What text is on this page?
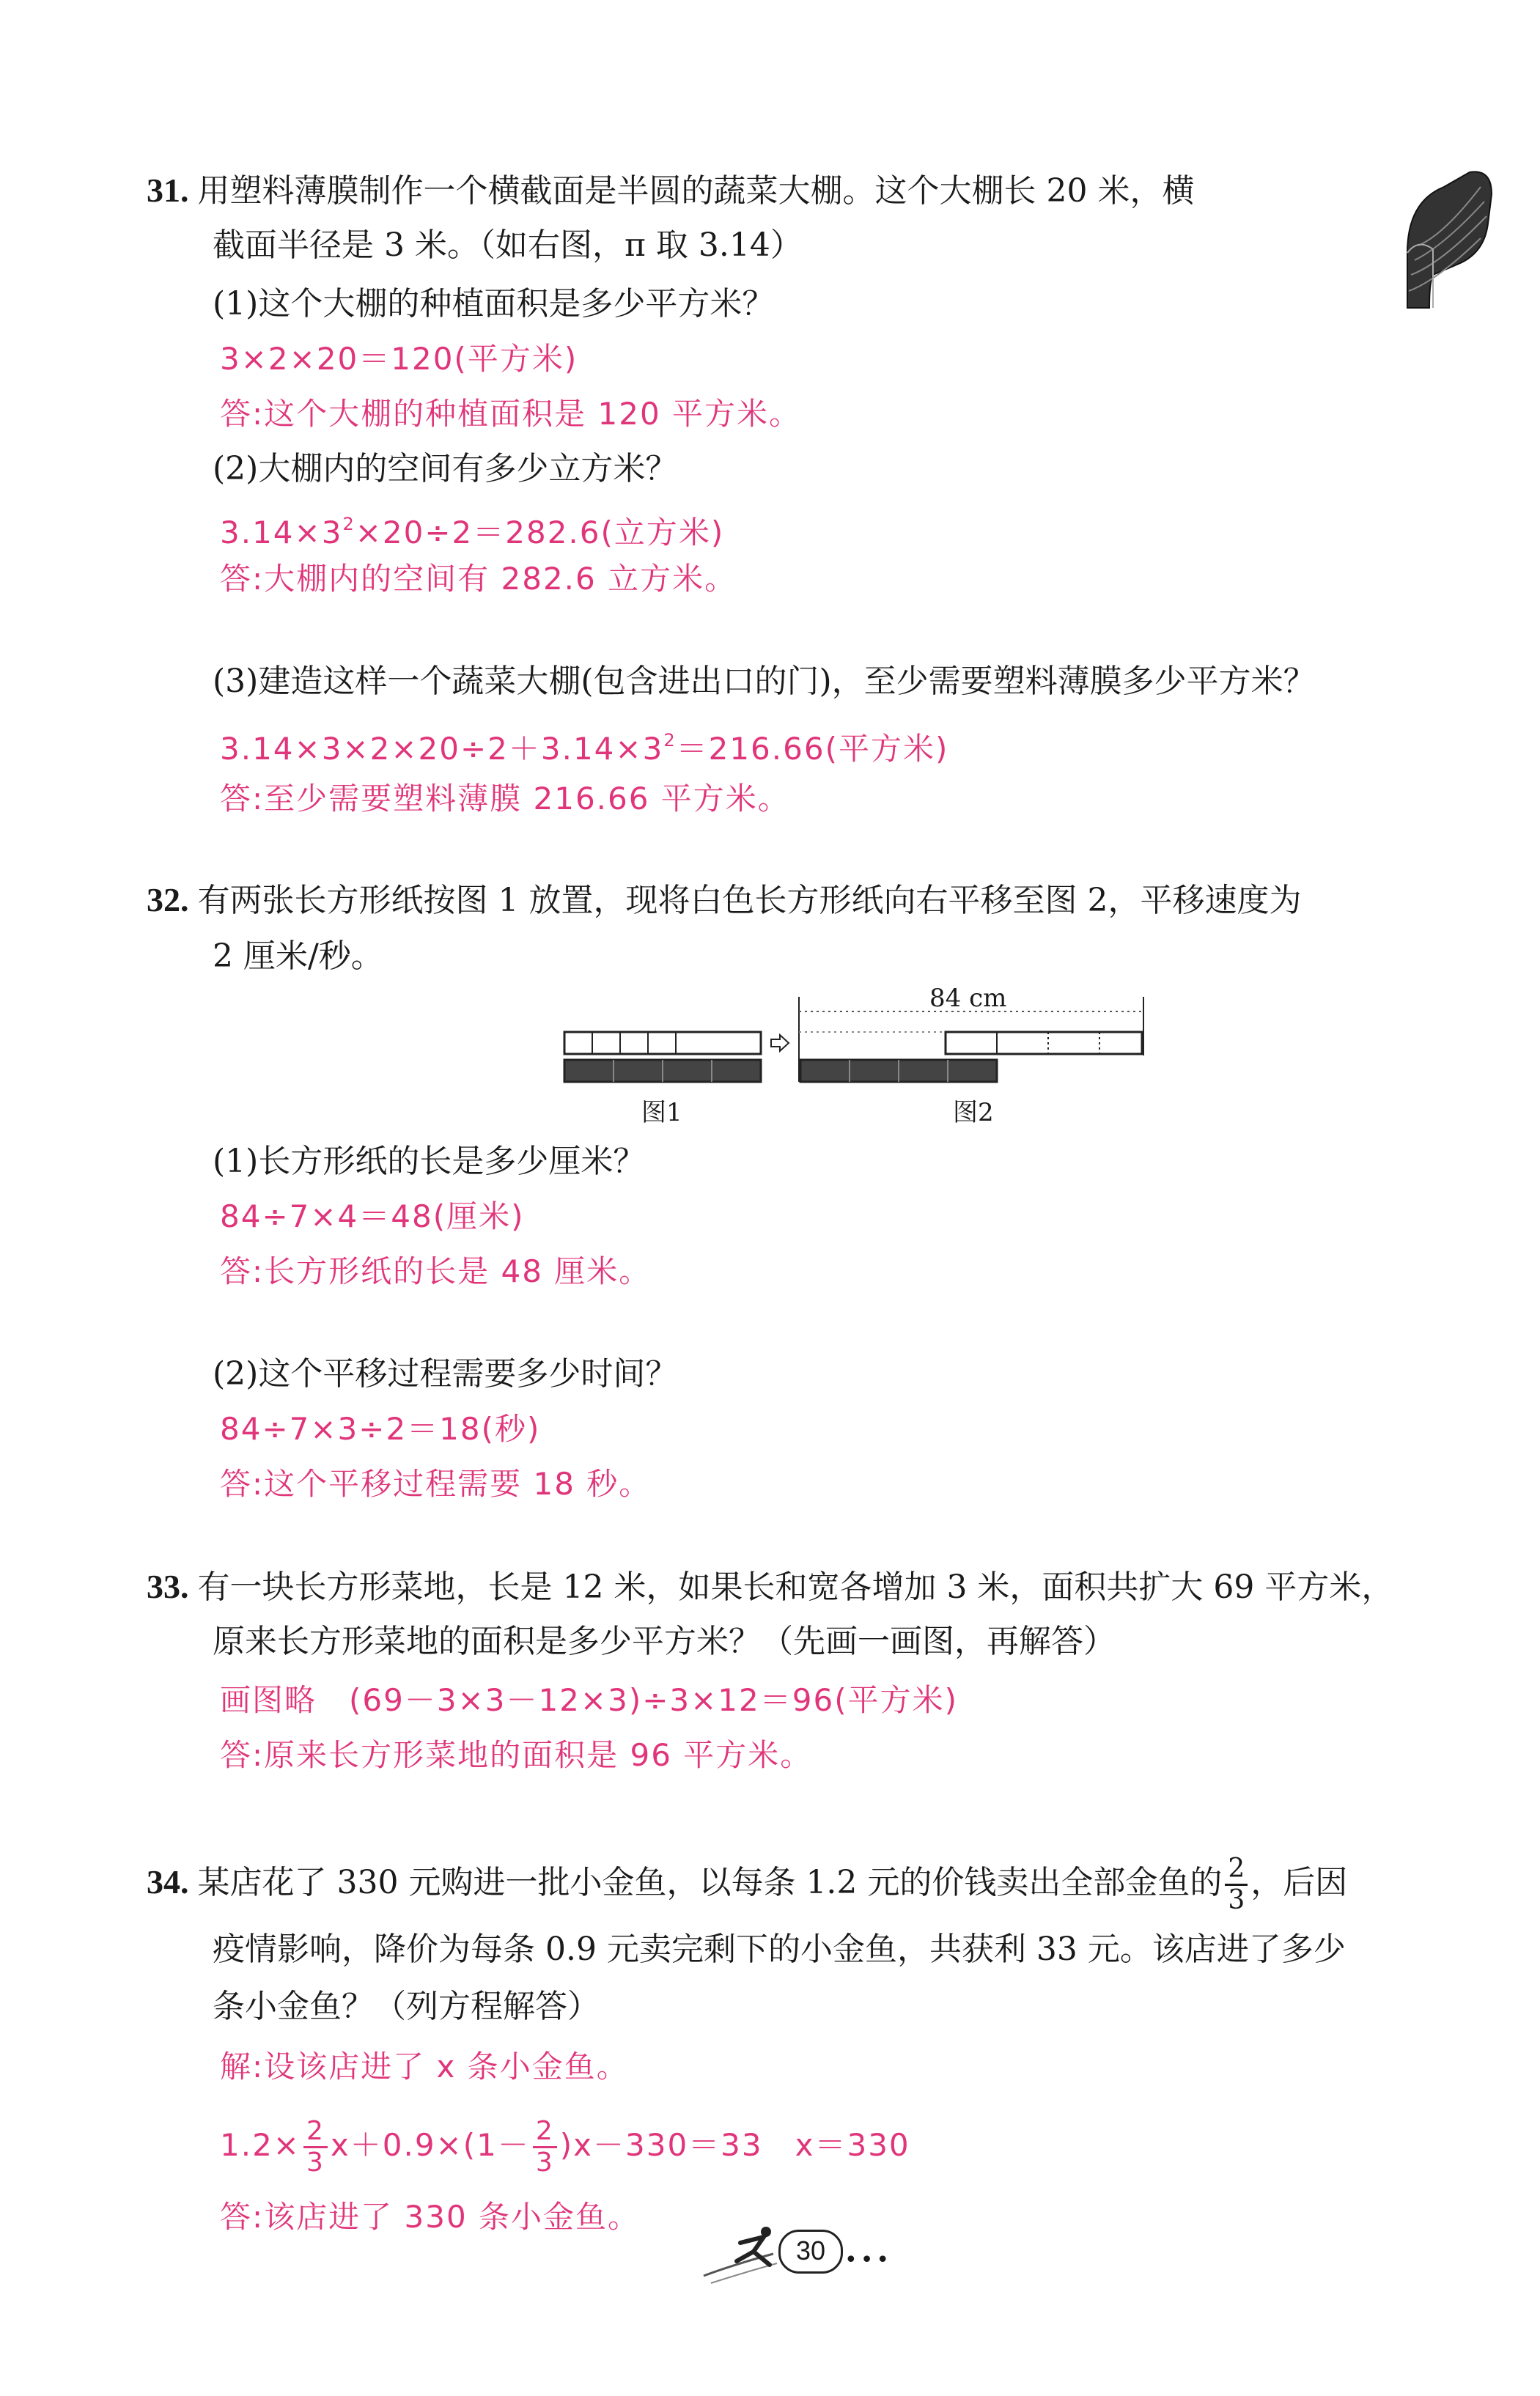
31. 用塑料薄膜制作一个横截面是半圆的蔬菜大棚。这个大棚长 20 米，横
截面半径是 3 米。（如右图，π 取 3.14）
(1)这个大棚的种植面积是多少平方米？
3×2×20＝120(平方米)
答:这个大棚的种植面积是 120 平方米。
(2)大棚内的空间有多少立方米？
$3.14\times 3^2\times 20\div 2=282.6$(立方米)
答:大棚内的空间有 282.6 立方米。
(3)建造这样一个蔬菜大棚(包含进出口的门)，至少需要塑料薄膜多少平方米？
$3.14\times 3\times 2\times 20\div 2+3.14\times 3^2=216.66$(平方米)
答:至少需要塑料薄膜 216.66 平方米。
32. 有两张长方形纸按图 1 放置，现将白色长方形纸向右平移至图 2，平移速度为
2 厘米/秒。
84 cm
图1	图2
(1)长方形纸的长是多少厘米？
84÷7×4＝48(厘米)
答:长方形纸的长是 48 厘米。
(2)这个平移过程需要多少时间？
84÷7×3÷2＝18(秒)
答:这个平移过程需要 18 秒。
33. 有一块长方形菜地，长是 12 米，如果长和宽各增加 3 米，面积共扩大 69 平方米，
原来长方形菜地的面积是多少平方米？（先画一画图，再解答）
画图略　(69－3×3－12×3)÷3×12＝96(平方米)
答:原来长方形菜地的面积是 96 平方米。
34. 某店花了 330 元购进一批小金鱼，以每条 1.2 元的价钱卖出全部金鱼的 $\frac{2}{3}$ ，后因
疫情影响，降价为每条 0.9 元卖完剩下的小金鱼，共获利 33 元。该店进了多少
条小金鱼？（列方程解答）
解:设该店进了 x 条小金鱼。
$1.2\times \frac{2}{3} x+0.9\times(1- \frac{2}{3} )x-330=33$　x＝330
答:该店进了 330 条小金鱼。
30 •••
